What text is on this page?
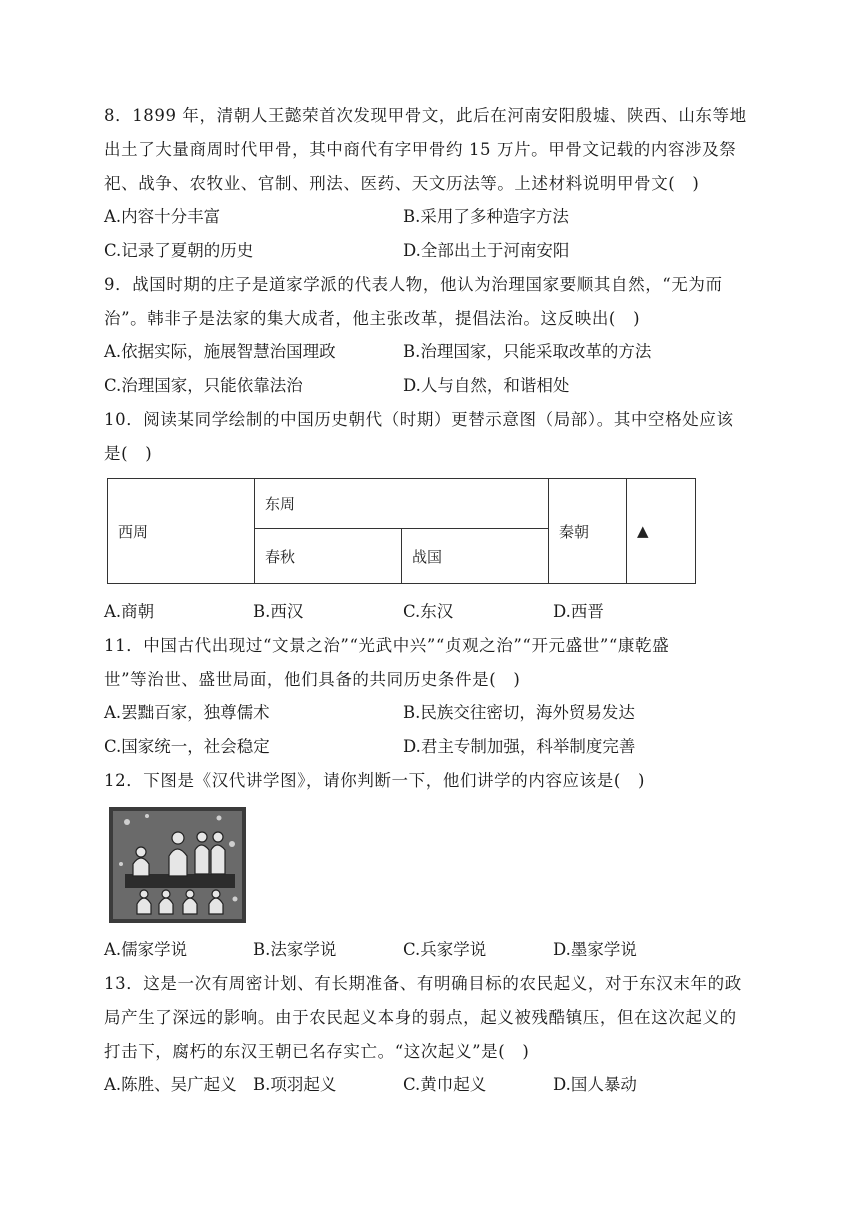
8．1899 年，清朝人王懿荣首次发现甲骨文，此后在河南安阳殷墟、陕西、山东等地
出土了大量商周时代甲骨，其中商代有字甲骨约 15 万片。甲骨文记载的内容涉及祭
祀、战争、农牧业、官制、刑法、医药、天文历法等。上述材料说明甲骨文(　)
A.内容十分丰富	B.采用了多种造字方法
C.记录了夏朝的历史	D.全部出土于河南安阳
9．战国时期的庄子是道家学派的代表人物，他认为治理国家要顺其自然，“无为而
治”。韩非子是法家的集大成者，他主张改革，提倡法治。这反映出(　)
A.依据实际，施展智慧治国理政	B.治理国家，只能采取改革的方法
C.治理国家，只能依靠法治	D.人与自然，和谐相处
10．阅读某同学绘制的中国历史朝代（时期）更替示意图（局部）。其中空格处应该
是(　)
西周	东周		秦朝	▲
	春秋	战国		
A.商朝	B.西汉	C.东汉	D.西晋
11．中国古代出现过“文景之治”“光武中兴”“贞观之治”“开元盛世”“康乾盛
世”等治世、盛世局面，他们具备的共同历史条件是(　)
A.罢黜百家，独尊儒术	B.民族交往密切，海外贸易发达
C.国家统一，社会稳定	D.君主专制加强，科举制度完善
12．下图是《汉代讲学图》，请你判断一下，他们讲学的内容应该是(　)
A.儒家学说	B.法家学说	C.兵家学说	D.墨家学说
13．这是一次有周密计划、有长期准备、有明确目标的农民起义，对于东汉末年的政
局产生了深远的影响。由于农民起义本身的弱点，起义被残酷镇压，但在这次起义的
打击下，腐朽的东汉王朝已名存实亡。“这次起义”是(　)
A.陈胜、吴广起义 B.项羽起义	C.黄巾起义	D.国人暴动
